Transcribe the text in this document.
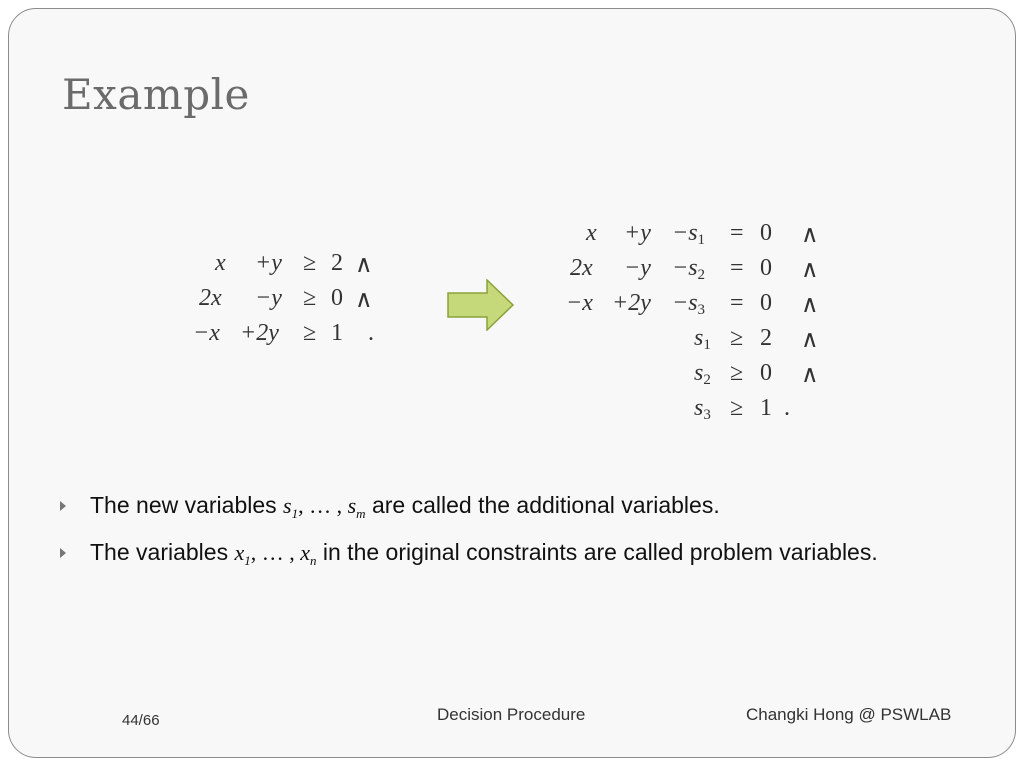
Example
x +y ≥ 2 ∧
2x −y ≥ 0 ∧
−x +2y ≥ 1 .
$x +y -s_1 = 0$ ∧
$2x -y -s_2 = 0$ ∧
$-x +2y -s_3 = 0$ ∧
$s_1 \ge 2$ ∧
$s_2 \ge 0$ ∧
$s_3 \ge 1$ .
The new variables $s_1$, … , $s_m$ are called the additional variables.
The variables $x_1$, … , $x_n$ in the original constraints are called problem variables.
44/66	Decision Procedure	Changki Hong @ PSWLAB
